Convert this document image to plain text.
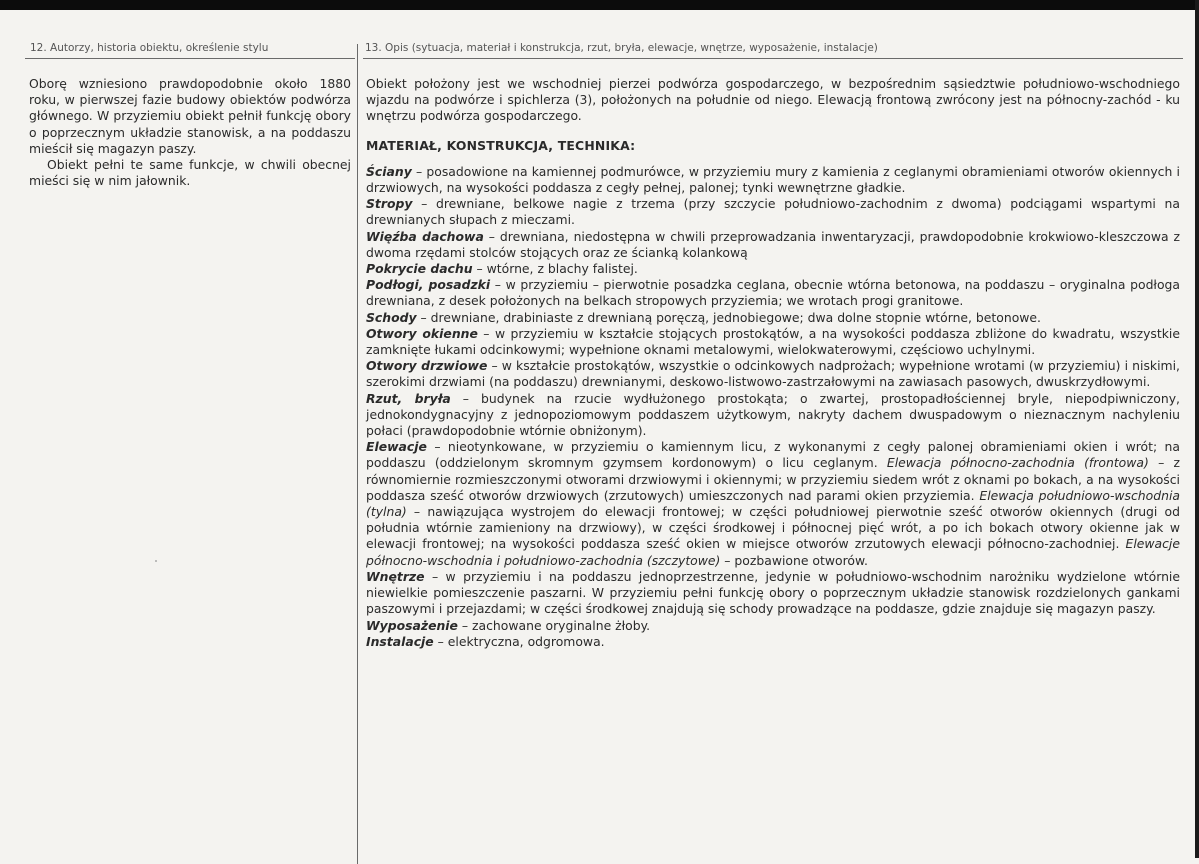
12. Autorzy, historia obiektu, określenie stylu	13. Opis (sytuacja, materiał i konstrukcja, rzut, bryła, elewacje, wnętrze, wyposażenie, instalacje)

Oborę wzniesiono prawdopodobnie około 1880 roku, w pierwszej fazie budowy obiektów podwórza głównego. W przyziemiu obiekt pełnił funkcję obory o poprzecznym układzie stanowisk, a na poddaszu mieścił się magazyn paszy.

Obiekt pełni te same funkcje, w chwili obecnej mieści się w nim jałownik.

Obiekt położony jest we wschodniej pierzei podwórza gospodarczego, w bezpośrednim sąsiedztwie południowo-wschodniego wjazdu na podwórze i spichlerza (3), położonych na południe od niego. Elewacją frontową zwrócony jest na północny-zachód - ku wnętrzu podwórza gospodarczego.

MATERIAŁ, KONSTRUKCJA, TECHNIKA:

Ściany – posadowione na kamiennej podmurówce, w przyziemiu mury z kamienia z ceglanymi obramieniami otworów okiennych i drzwiowych, na wysokości poddasza z cegły pełnej, palonej; tynki wewnętrzne gładkie.

Stropy – drewniane, belkowe nagie z trzema (przy szczycie południowo-zachodnim z dwoma) podciągami wspartymi na drewnianych słupach z mieczami.

Więźba dachowa – drewniana, niedostępna w chwili przeprowadzania inwentaryzacji, prawdopodobnie krokwiowo-kleszczowa z dwoma rzędami stolców stojących oraz ze ścianką kolankową

Pokrycie dachu – wtórne, z blachy falistej.

Podłogi, posadzki – w przyziemiu – pierwotnie posadzka ceglana, obecnie wtórna betonowa, na poddaszu – oryginalna podłoga drewniana, z desek położonych na belkach stropowych przyziemia; we wrotach progi granitowe.

Schody – drewniane, drabiniaste z drewnianą poręczą, jednobiegowe; dwa dolne stopnie wtórne, betonowe.

Otwory okienne – w przyziemiu w kształcie stojących prostokątów, a na wysokości poddasza zbliżone do kwadratu, wszystkie zamknięte łukami odcinkowymi; wypełnione oknami metalowymi, wielokwaterowymi, częściowo uchylnymi.

Otwory drzwiowe – w kształcie prostokątów, wszystkie o odcinkowych nadprożach; wypełnione wrotami (w przyziemiu) i niskimi, szerokimi drzwiami (na poddaszu) drewnianymi, deskowo-listwowo-zastrzałowymi na zawiasach pasowych, dwuskrzydłowymi.

Rzut, bryła – budynek na rzucie wydłużonego prostokąta; o zwartej, prostopadłościennej bryle, niepodpiwniczony, jednokondygnacyjny z jednopoziomowym poddaszem użytkowym, nakryty dachem dwuspadowym o nieznacznym nachyleniu połaci (prawdopodobnie wtórnie obniżonym).

Elewacje – nieotynkowane, w przyziemiu o kamiennym licu, z wykonanymi z cegły palonej obramieniami okien i wrót; na poddaszu (oddzielonym skromnym gzymsem kordonowym) o licu ceglanym. Elewacja północno-zachodnia (frontowa) – z równomiernie rozmieszczonymi otworami drzwiowymi i okiennymi; w przyziemiu siedem wrót z oknami po bokach, a na wysokości poddasza sześć otworów drzwiowych (zrzutowych) umieszczonych nad parami okien przyziemia. Elewacja południowo-wschodnia (tylna) – nawiązująca wystrojem do elewacji frontowej; w części południowej pierwotnie sześć otworów okiennych (drugi od południa wtórnie zamieniony na drzwiowy), w części środkowej i północnej pięć wrót, a po ich bokach otwory okienne jak w elewacji frontowej; na wysokości poddasza sześć okien w miejsce otworów zrzutowych elewacji północno-zachodniej. Elewacje północno-wschodnia i południowo-zachodnia (szczytowe) – pozbawione otworów.

Wnętrze – w przyziemiu i na poddaszu jednoprzestrzenne, jedynie w południowo-wschodnim narożniku wydzielone wtórnie niewielkie pomieszczenie paszarni. W przyziemiu pełni funkcję obory o poprzecznym układzie stanowisk rozdzielonych gankami paszowymi i przejazdami; w części środkowej znajdują się schody prowadzące na poddasze, gdzie znajduje się magazyn paszy.

Wyposażenie – zachowane oryginalne żłoby.

Instalacje – elektryczna, odgromowa.
